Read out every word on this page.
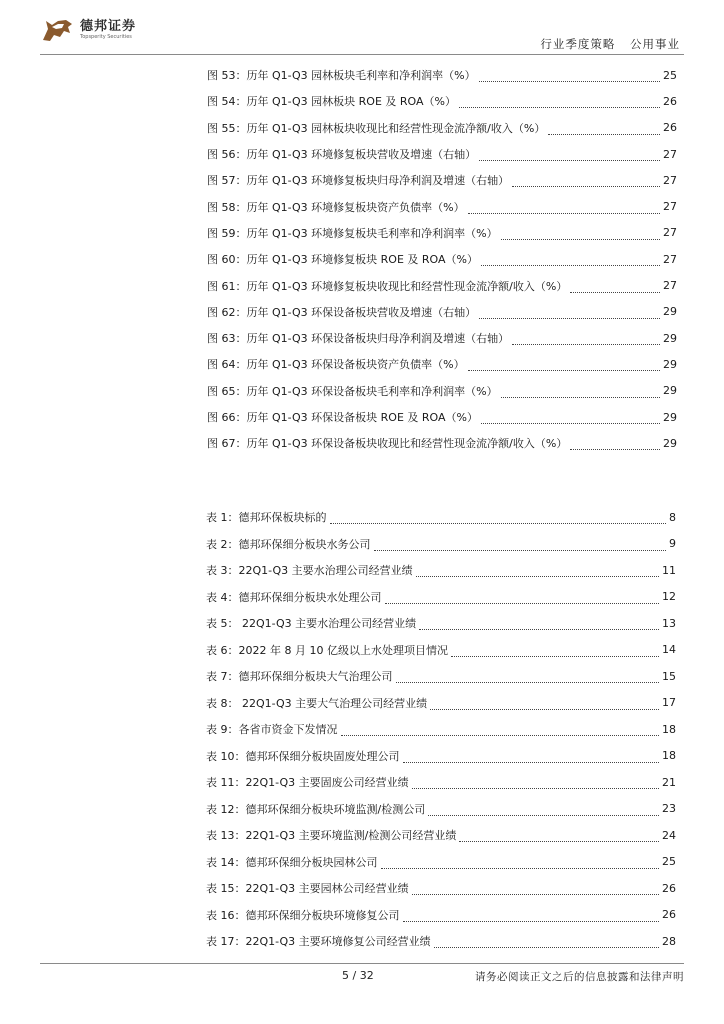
德邦证券
Topsperity Securities
行业季度策略 公用事业
图 53：历年 Q1-Q3 园林板块毛利率和净利润率（%）	25
图 54：历年 Q1-Q3 园林板块 ROE 及 ROA（%）	26
图 55：历年 Q1-Q3 园林板块收现比和经营性现金流净额/收入（%）	26
图 56：历年 Q1-Q3 环境修复板块营收及增速（右轴）	27
图 57：历年 Q1-Q3 环境修复板块归母净利润及增速（右轴）	27
图 58：历年 Q1-Q3 环境修复板块资产负债率（%）	27
图 59：历年 Q1-Q3 环境修复板块毛利率和净利润率（%）	27
图 60：历年 Q1-Q3 环境修复板块 ROE 及 ROA（%）	27
图 61：历年 Q1-Q3 环境修复板块收现比和经营性现金流净额/收入（%）	27
图 62：历年 Q1-Q3 环保设备板块营收及增速（右轴）	29
图 63：历年 Q1-Q3 环保设备板块归母净利润及增速（右轴）	29
图 64：历年 Q1-Q3 环保设备板块资产负债率（%）	29
图 65：历年 Q1-Q3 环保设备板块毛利率和净利润率（%）	29
图 66：历年 Q1-Q3 环保设备板块 ROE 及 ROA（%）	29
图 67：历年 Q1-Q3 环保设备板块收现比和经营性现金流净额/收入（%）	29
表 1：德邦环保板块标的	8
表 2：德邦环保细分板块水务公司	9
表 3：22Q1-Q3 主要水治理公司经营业绩	11
表 4：德邦环保细分板块水处理公司	12
表 5： 22Q1-Q3 主要水治理公司经营业绩	13
表 6：2022 年 8 月 10 亿级以上水处理项目情况	14
表 7：德邦环保细分板块大气治理公司	15
表 8： 22Q1-Q3 主要大气治理公司经营业绩	17
表 9：各省市资金下发情况	18
表 10：德邦环保细分板块固废处理公司	18
表 11：22Q1-Q3 主要固废公司经营业绩	21
表 12：德邦环保细分板块环境监测/检测公司	23
表 13：22Q1-Q3 主要环境监测/检测公司经营业绩	24
表 14：德邦环保细分板块园林公司	25
表 15：22Q1-Q3 主要园林公司经营业绩	26
表 16：德邦环保细分板块环境修复公司	26
表 17：22Q1-Q3 主要环境修复公司经营业绩	28
5 / 32	请务必阅读正文之后的信息披露和法律声明
